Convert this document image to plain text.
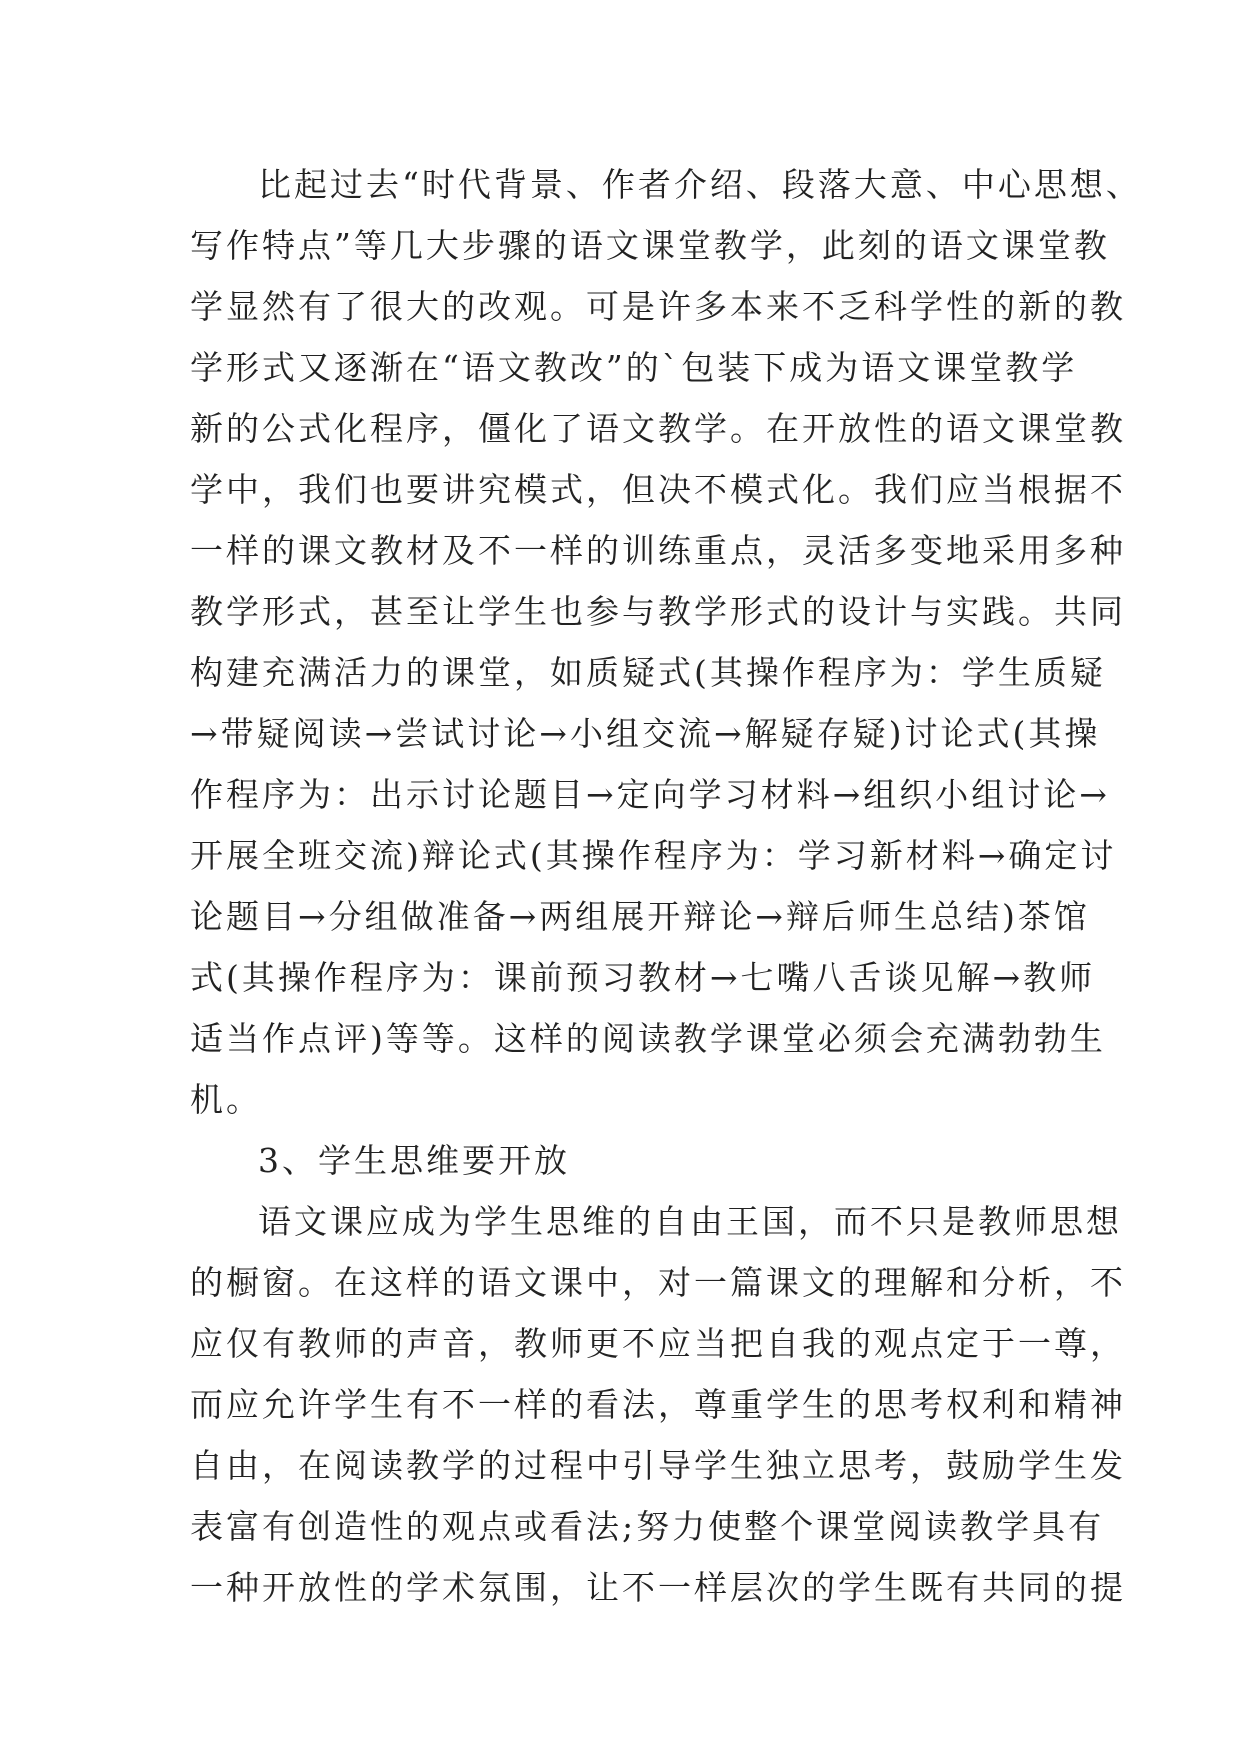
比起过去“时代背景、作者介绍、段落大意、中心思想、
写作特点”等几大步骤的语文课堂教学，此刻的语文课堂教
学显然有了很大的改观。可是许多本来不乏科学性的新的教
学形式又逐渐在“语文教改”的`包装下成为语文课堂教学
新的公式化程序，僵化了语文教学。在开放性的语文课堂教
学中，我们也要讲究模式，但决不模式化。我们应当根据不
一样的课文教材及不一样的训练重点，灵活多变地采用多种
教学形式，甚至让学生也参与教学形式的设计与实践。共同
构建充满活力的课堂，如质疑式(其操作程序为：学生质疑
→带疑阅读→尝试讨论→小组交流→解疑存疑)讨论式(其操
作程序为：出示讨论题目→定向学习材料→组织小组讨论→
开展全班交流)辩论式(其操作程序为：学习新材料→确定讨
论题目→分组做准备→两组展开辩论→辩后师生总结)茶馆
式(其操作程序为：课前预习教材→七嘴八舌谈见解→教师
适当作点评)等等。这样的阅读教学课堂必须会充满勃勃生
机。
3、学生思维要开放
语文课应成为学生思维的自由王国，而不只是教师思想
的橱窗。在这样的语文课中，对一篇课文的理解和分析，不
应仅有教师的声音，教师更不应当把自我的观点定于一尊，
而应允许学生有不一样的看法，尊重学生的思考权利和精神
自由，在阅读教学的过程中引导学生独立思考，鼓励学生发
表富有创造性的观点或看法;努力使整个课堂阅读教学具有
一种开放性的学术氛围，让不一样层次的学生既有共同的提
